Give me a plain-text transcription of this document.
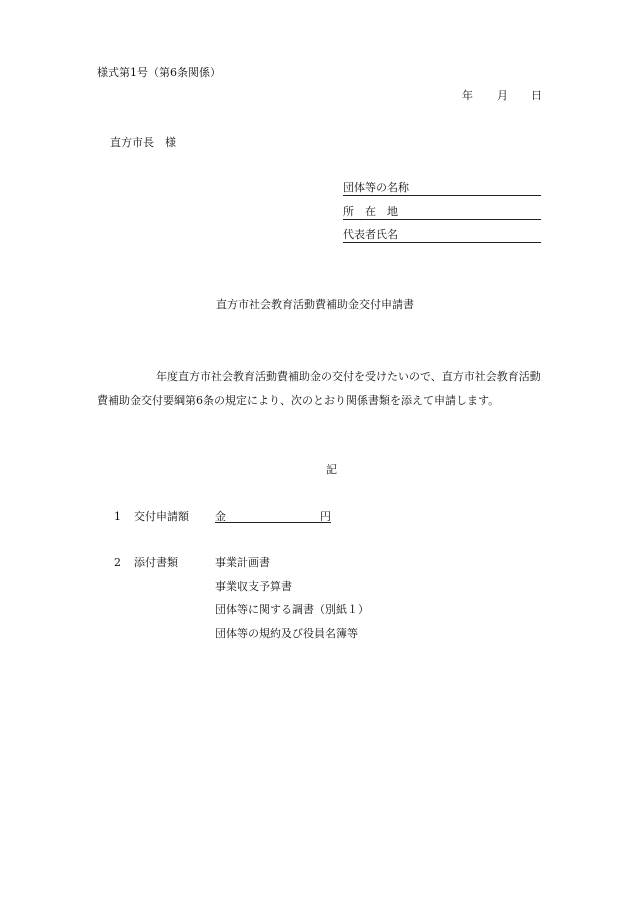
様式第1号（第6条関係）
年 月 日
直方市長　様
団体等の名称
所　在　地
代表者氏名
直方市社会教育活動費補助金交付申請書
年度直方市社会教育活動費補助金の交付を受けたいので、直方市社会教育活動
費補助金交付要綱第6条の規定により、次のとおり関係書類を添えて申請します。
記
1 交付申請額 金	円
2 添付書類	事業計画書
事業収支予算書
団体等に関する調書（別紙１）
団体等の規約及び役員名簿等
